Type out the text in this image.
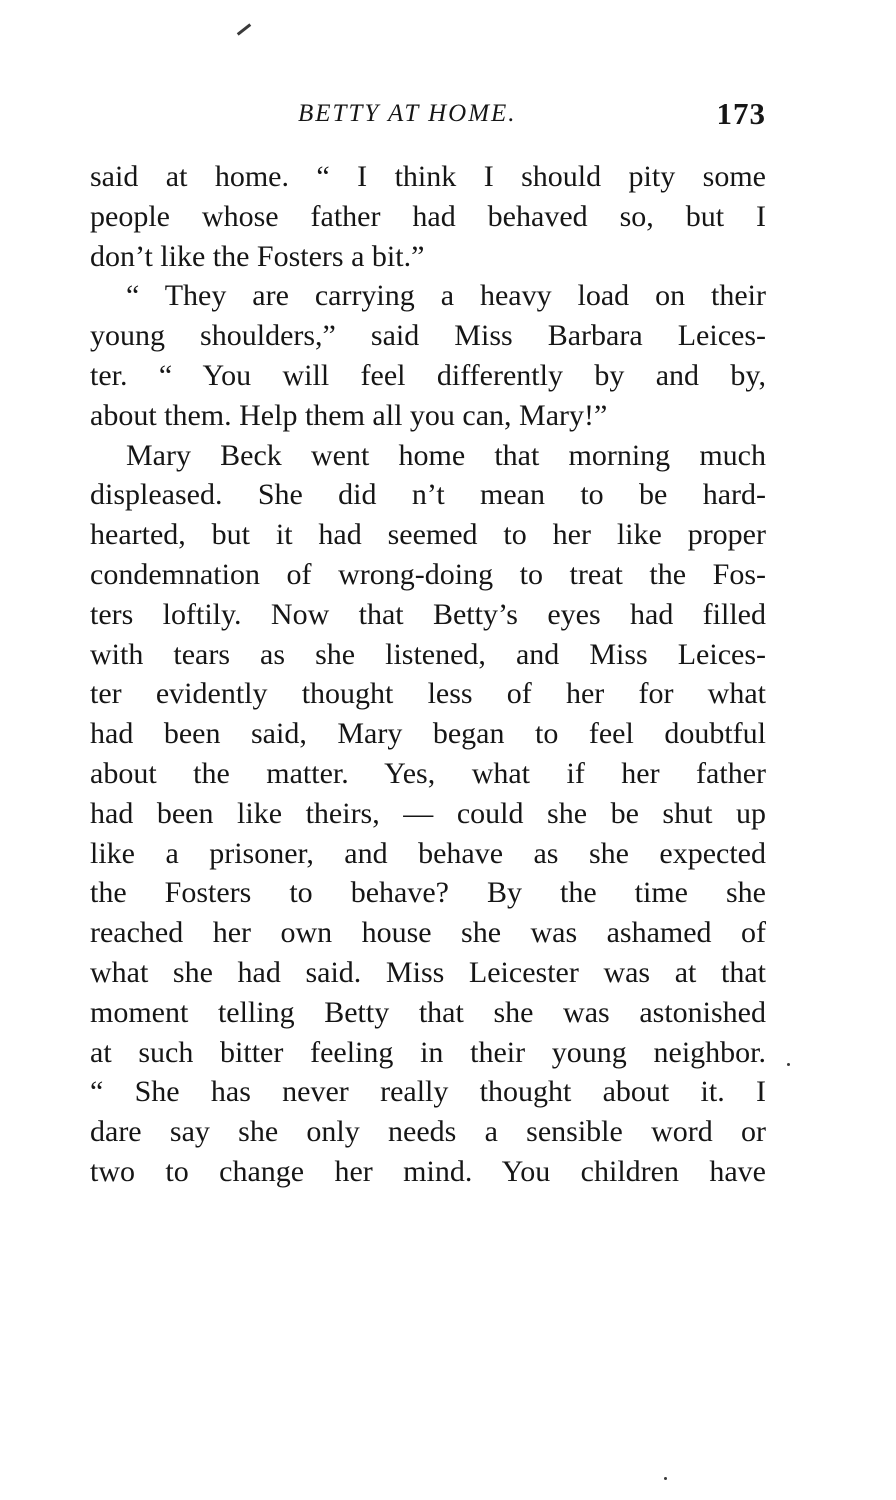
BETTY AT HOME.	173
said at home. “ I think I should pity some
people whose father had behaved so, but I
don’t like the Fosters a bit.”
“ They are carrying a heavy load on their
young shoulders,” said Miss Barbara Leices-
ter. “ You will feel differently by and by,
about them. Help them all you can, Mary!”
Mary Beck went home that morning much
displeased. She did n’t mean to be hard-
hearted, but it had seemed to her like proper
condemnation of wrong-doing to treat the Fos-
ters loftily. Now that Betty’s eyes had filled
with tears as she listened, and Miss Leices-
ter evidently thought less of her for what
had been said, Mary began to feel doubtful
about the matter. Yes, what if her father
had been like theirs, — could she be shut up
like a prisoner, and behave as she expected
the Fosters to behave? By the time she
reached her own house she was ashamed of
what she had said. Miss Leicester was at that
moment telling Betty that she was astonished
at such bitter feeling in their young neighbor.
“ She has never really thought about it. I
dare say she only needs a sensible word or
two to change her mind. You children have
